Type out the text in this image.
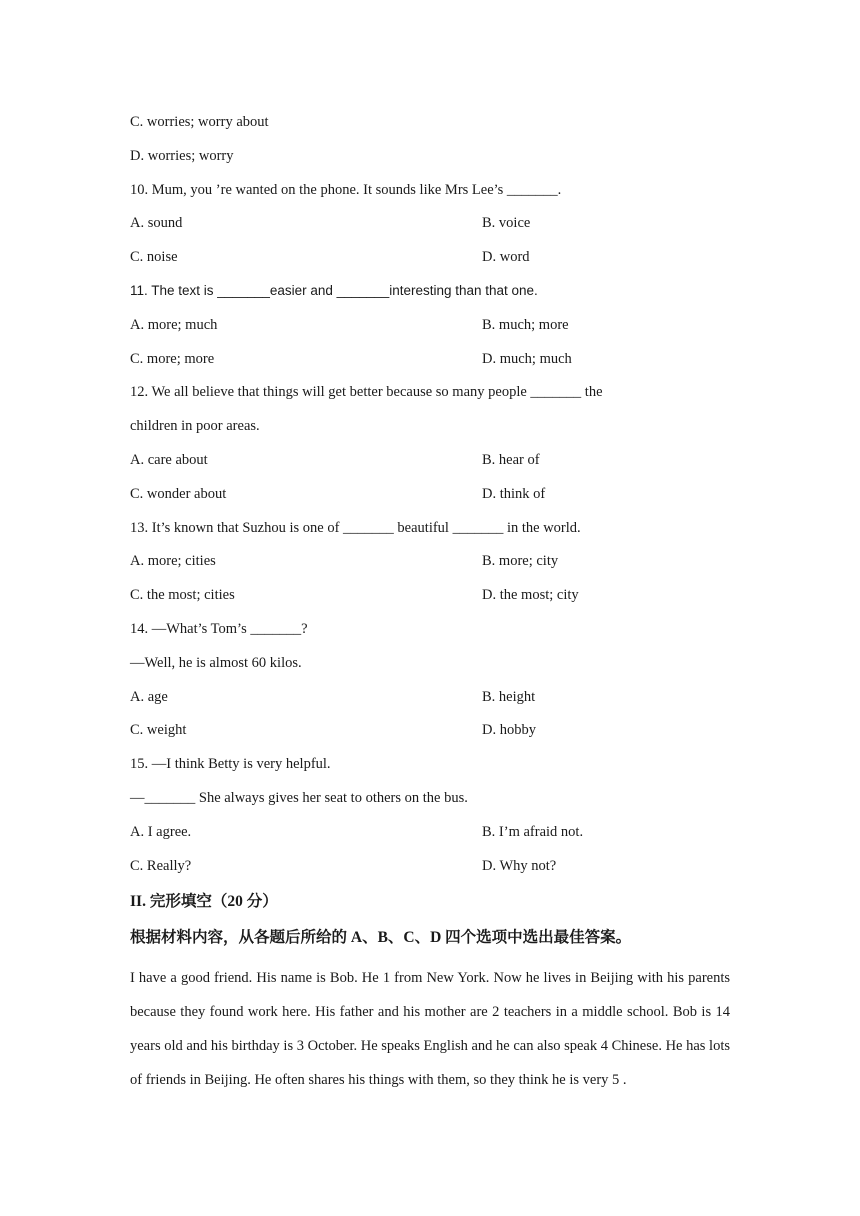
C. worries; worry about
D. worries; worry
10. Mum, you ’re wanted on the phone. It sounds like Mrs Lee’s _______.
A. sound	B. voice
C. noise	D. word
11. The text is _______easier and _______interesting than that one.
A. more; much	B. much; more
C. more; more	D. much; much
12. We all believe that things will get better because so many people _______ the
children in poor areas.
A. care about	B. hear of
C. wonder about	D. think of
13. It’s known that Suzhou is one of _______ beautiful _______ in the world.
A. more; cities	B. more; city
C. the most; cities	D. the most; city
14. —What’s Tom’s _______?
—Well, he is almost 60 kilos.
A. age	B. height
C. weight	D. hobby
15. —I think Betty is very helpful.
—_______ She always gives her seat to others on the bus.
A. I agree.	B. I’m afraid not.
C. Really?	D. Why not?
II. 完形填空（20 分）
根据材料内容，从各题后所给的 A、B、C、D 四个选项中选出最佳答案。
I have a good friend. His name is Bob. He 1 from New York. Now he lives in Beijing with his parents because they found work here. His father and his mother are 2 teachers in a middle school. Bob is 14 years old and his birthday is 3 October. He speaks English and he can also speak 4 Chinese. He has lots of friends in Beijing. He often shares his things with them, so they think he is very 5 .
